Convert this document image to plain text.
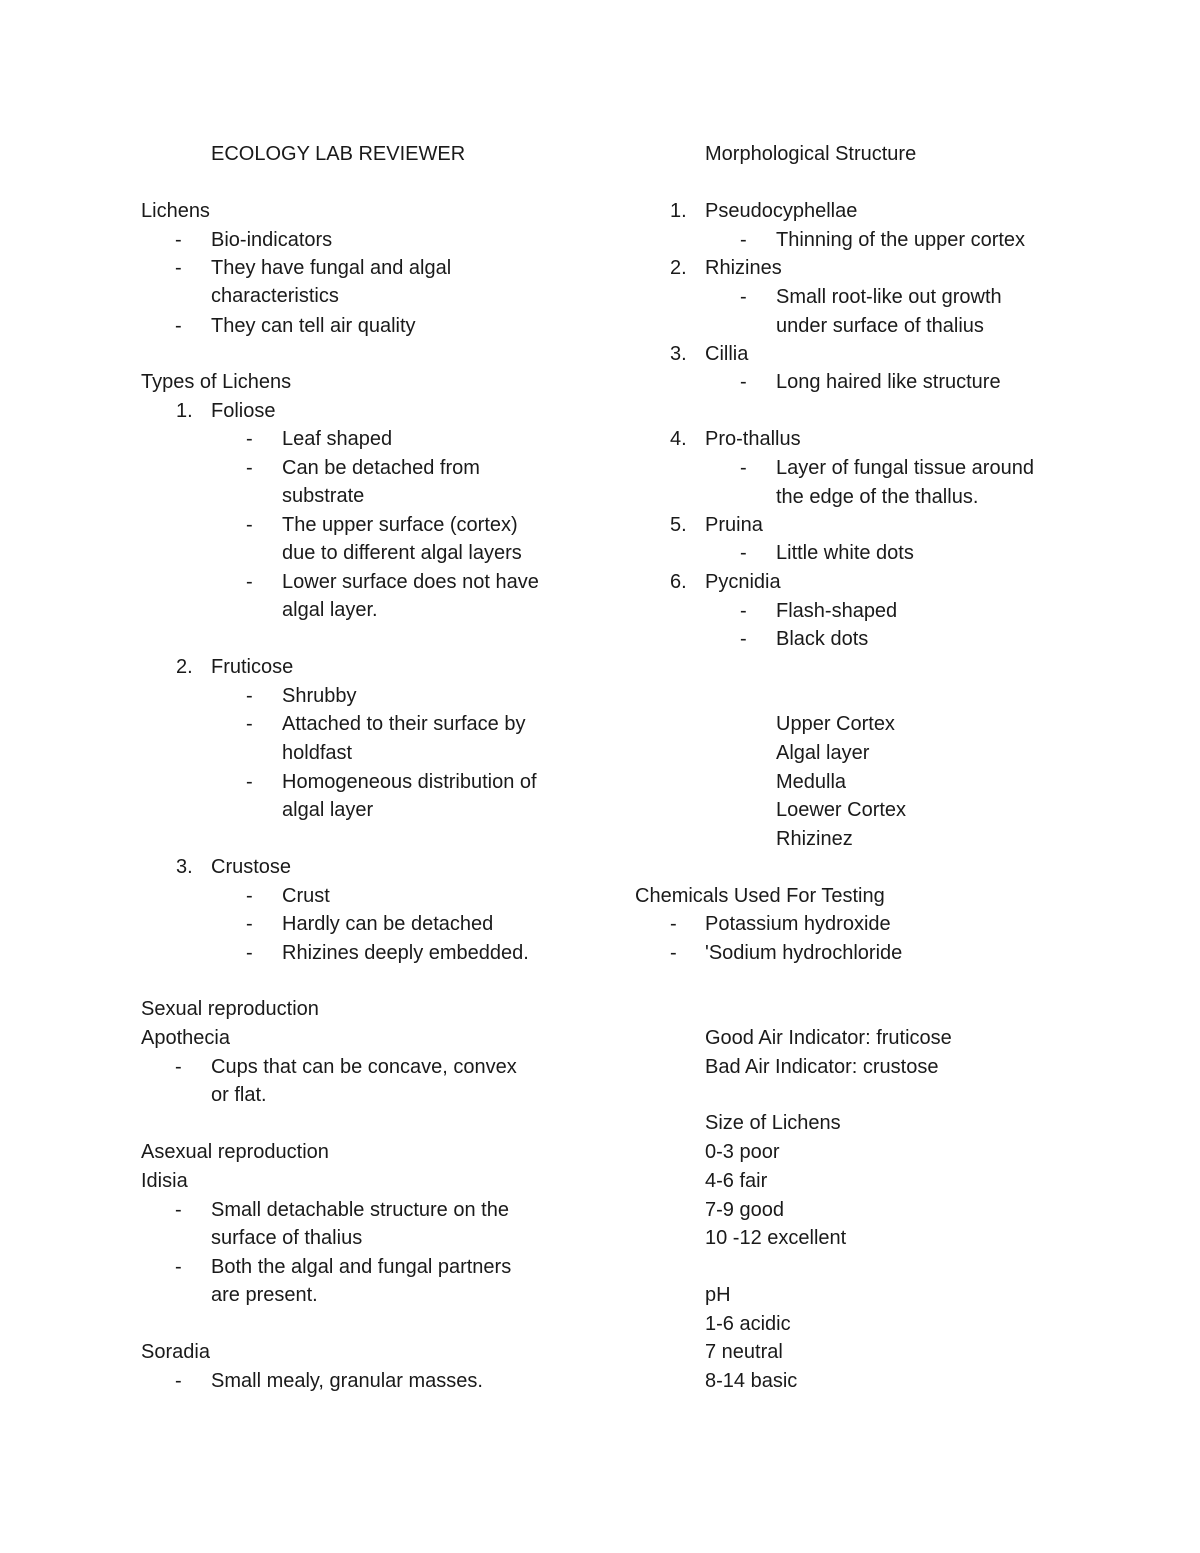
ECOLOGY LAB REVIEWER
Lichens
- Bio-indicators
- They have fungal and algal
characteristics
- They can tell air quality
Types of Lichens
1. Foliose
- Leaf shaped
- Can be detached from
substrate
- The upper surface (cortex)
due to different algal layers
- Lower surface does not have
algal layer.
2. Fruticose
- Shrubby
- Attached to their surface by
holdfast
- Homogeneous distribution of
algal layer
3. Crustose
- Crust
- Hardly can be detached
- Rhizines deeply embedded.
Sexual reproduction
Apothecia
- Cups that can be concave, convex
or flat.
Asexual reproduction
Idisia
- Small detachable structure on the
surface of thalius
- Both the algal and fungal partners
are present.
Soradia
- Small mealy, granular masses.
Morphological Structure
1. Pseudocyphellae
- Thinning of the upper cortex
2. Rhizines
- Small root-like out growth
under surface of thalius
3. Cillia
- Long haired like structure
4. Pro-thallus
- Layer of fungal tissue around
the edge of the thallus.
5. Pruina
- Little white dots
6. Pycnidia
- Flash-shaped
- Black dots
Upper Cortex
Algal layer
Medulla
Loewer Cortex
Rhizinez
Chemicals Used For Testing
- Potassium hydroxide
- 'Sodium hydrochloride
Good Air Indicator: fruticose
Bad Air Indicator: crustose
Size of Lichens
0-3 poor
4-6 fair
7-9 good
10 -12 excellent
pH
1-6 acidic
7 neutral
8-14 basic
